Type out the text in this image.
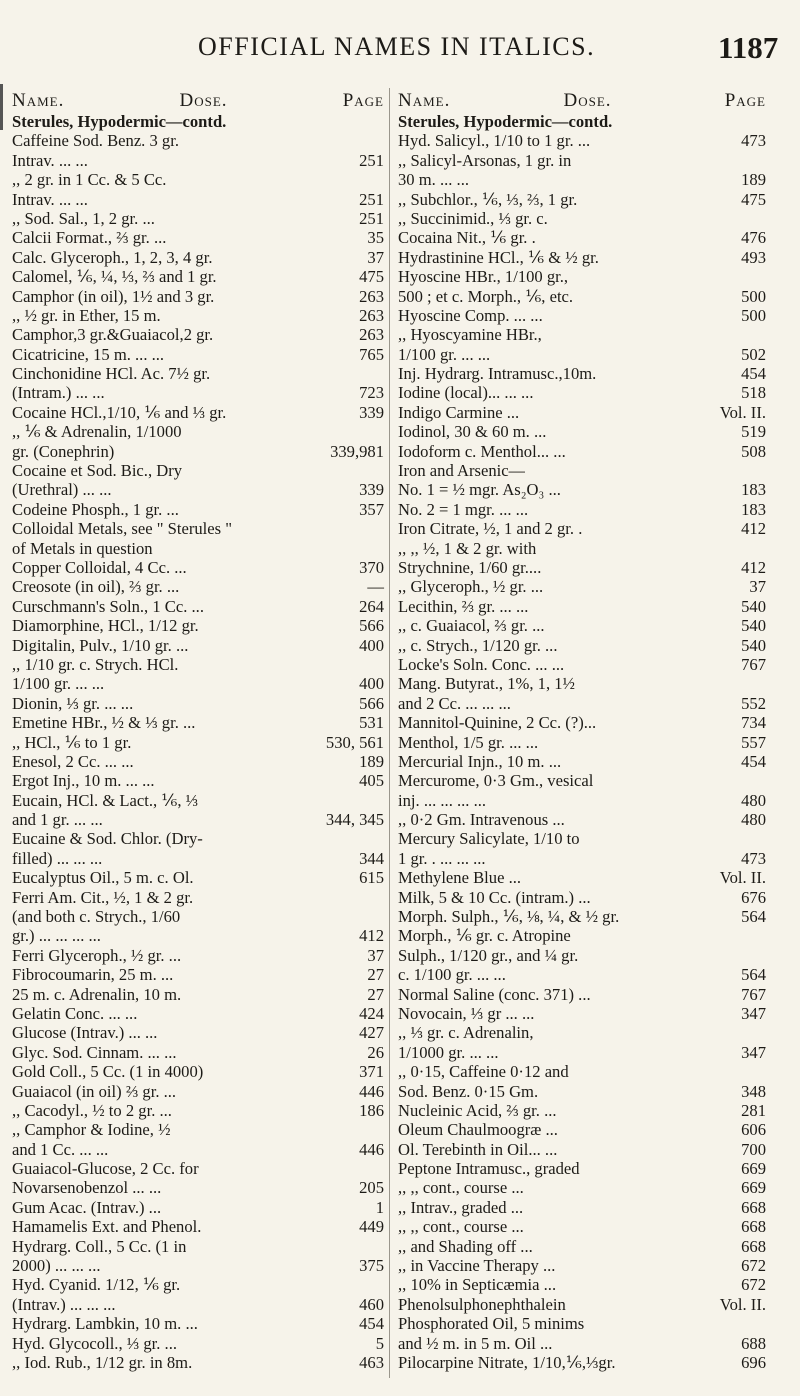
OFFICIAL NAMES IN ITALICS.	1187
Name.	Dose.	Page
Sterules, Hypodermic—contd.
Caffeine Sod. Benz. 3 gr.
Intrav. ... ...	251
,, 2 gr. in 1 Cc. & 5 Cc.
Intrav. ... ...	251
,, Sod. Sal., 1, 2 gr. ...	251
Calcii Format., ⅔ gr. ...	35
Calc. Glyceroph., 1, 2, 3, 4 gr.	37
Calomel, ⅙, ¼, ⅓, ⅔ and 1 gr.	475
Camphor (in oil), 1½ and 3 gr.	263
,, ½ gr. in Ether, 15 m.	263
Camphor,3 gr.&Guaiacol,2 gr.	263
Cicatricine, 15 m. ... ...	765
Cinchonidine HCl. Ac. 7½ gr.
(Intram.) ... ...	723
Cocaine HCl.,1/10, ⅙ and ⅓ gr.	339
,, ⅙ & Adrenalin, 1/1000
gr. (Conephrin)	339,981
Cocaine et Sod. Bic., Dry
(Urethral) ... ...	339
Codeine Phosph., 1 gr. ...	357
Colloidal Metals, see " Sterules "
of Metals in question
Copper Colloidal, 4 Cc. ...	370
Creosote (in oil), ⅔ gr. ...	—
Curschmann's Soln., 1 Cc. ...	264
Diamorphine, HCl., 1/12 gr.	566
Digitalin, Pulv., 1/10 gr. ...	400
,, 1/10 gr. c. Strych. HCl.
1/100 gr. ... ...	400
Dionin, ⅓ gr. ... ...	566
Emetine HBr., ½ & ⅓ gr. ...	531
,, HCl., ⅙ to 1 gr.	530, 561
Enesol, 2 Cc. ... ...	189
Ergot Inj., 10 m. ... ...	405
Eucain, HCl. & Lact., ⅙, ⅓
and 1 gr. ... ...	344, 345
Eucaine & Sod. Chlor. (Dry-
filled) ... ... ...	344
Eucalyptus Oil., 5 m. c. Ol.	615
Ferri Am. Cit., ½, 1 & 2 gr.
(and both c. Strych., 1/60
gr.) ... ... ... ...	412
Ferri Glyceroph., ½ gr. ...	37
Fibrocoumarin, 25 m. ...	27
25 m. c. Adrenalin, 10 m.	27
Gelatin Conc. ... ...	424
Glucose (Intrav.) ... ...	427
Glyc. Sod. Cinnam. ... ...	26
Gold Coll., 5 Cc. (1 in 4000)	371
Guaiacol (in oil) ⅔ gr. ...	446
,, Cacodyl., ½ to 2 gr. ...	186
,, Camphor & Iodine, ½
and 1 Cc. ... ...	446
Guaiacol-Glucose, 2 Cc. for
Novarsenobenzol ... ...	205
Gum Acac. (Intrav.) ...	1
Hamamelis Ext. and Phenol.	449
Hydrarg. Coll., 5 Cc. (1 in
2000) ... ... ...	375
Hyd. Cyanid. 1/12, ⅙ gr.
(Intrav.) ... ... ...	460
Hydrarg. Lambkin, 10 m. ...	454
Hyd. Glycocoll., ⅓ gr. ...	5
,, Iod. Rub., 1/12 gr. in 8m.	463
Name.	Dose.	Page
Sterules, Hypodermic—contd.
Hyd. Salicyl., 1/10 to 1 gr. ...	473
,, Salicyl-Arsonas, 1 gr. in
30 m. ... ...	189
,, Subchlor., ⅙, ⅓, ⅔, 1 gr.	475
,, Succinimid., ⅓ gr. c.
Cocaina Nit., ⅙ gr. .	476
Hydrastinine HCl., ⅙ & ½ gr.	493
Hyoscine HBr., 1/100 gr.,
500 ; et c. Morph., ⅙, etc.	500
Hyoscine Comp. ... ...	500
,, Hyoscyamine HBr.,
1/100 gr. ... ...	502
Inj. Hydrarg. Intramusc.,10m.	454
Iodine (local)... ... ...	518
Indigo Carmine ...	Vol. II.
Iodinol, 30 & 60 m. ...	519
Iodoform c. Menthol... ...	508
Iron and Arsenic—
No. 1 = ½ mgr. As₂O₃ ...	183
No. 2 = 1 mgr. ... ...	183
Iron Citrate, ½, 1 and 2 gr. .	412
,, ,, ½, 1 & 2 gr. with
Strychnine, 1/60 gr....	412
,, Glyceroph., ½ gr. ...	37
Lecithin, ⅔ gr. ... ...	540
,, c. Guaiacol, ⅔ gr. ...	540
,, c. Strych., 1/120 gr. ...	540
Locke's Soln. Conc. ... ...	767
Mang. Butyrat., 1%, 1, 1½
and 2 Cc. ... ... ...	552
Mannitol-Quinine, 2 Cc. (?)...	734
Menthol, 1/5 gr. ... ...	557
Mercurial Injn., 10 m. ...	454
Mercurome, 0·3 Gm., vesical
inj. ... ... ... ...	480
,, 0·2 Gm. Intravenous ...	480
Mercury Salicylate, 1/10 to
1 gr. . ... ... ...	473
Methylene Blue ...	Vol. II.
Milk, 5 & 10 Cc. (intram.) ...	676
Morph. Sulph., ⅙, ⅛, ¼, & ½ gr.	564
Morph., ⅙ gr. c. Atropine
Sulph., 1/120 gr., and ¼ gr.
c. 1/100 gr. ... ...	564
Normal Saline (conc. 371) ...	767
Novocain, ⅓ gr ... ...	347
,, ⅓ gr. c. Adrenalin,
1/1000 gr. ... ...	347
,, 0·15, Caffeine 0·12 and
Sod. Benz. 0·15 Gm.	348
Nucleinic Acid, ⅔ gr. ...	281
Oleum Chaulmoogræ ...	606
Ol. Terebinth in Oil... ...	700
Peptone Intramusc., graded	669
,, ,, cont., course ...	669
,, Intrav., graded ...	668
,, ,, cont., course ...	668
,, and Shading off ...	668
,, in Vaccine Therapy ...	672
,, 10% in Septicæmia ...	672
Phenolsulphonephthalein	Vol. II.
Phosphorated Oil, 5 minims
and ½ m. in 5 m. Oil ...	688
Pilocarpine Nitrate, 1/10,⅙,⅓gr.	696
